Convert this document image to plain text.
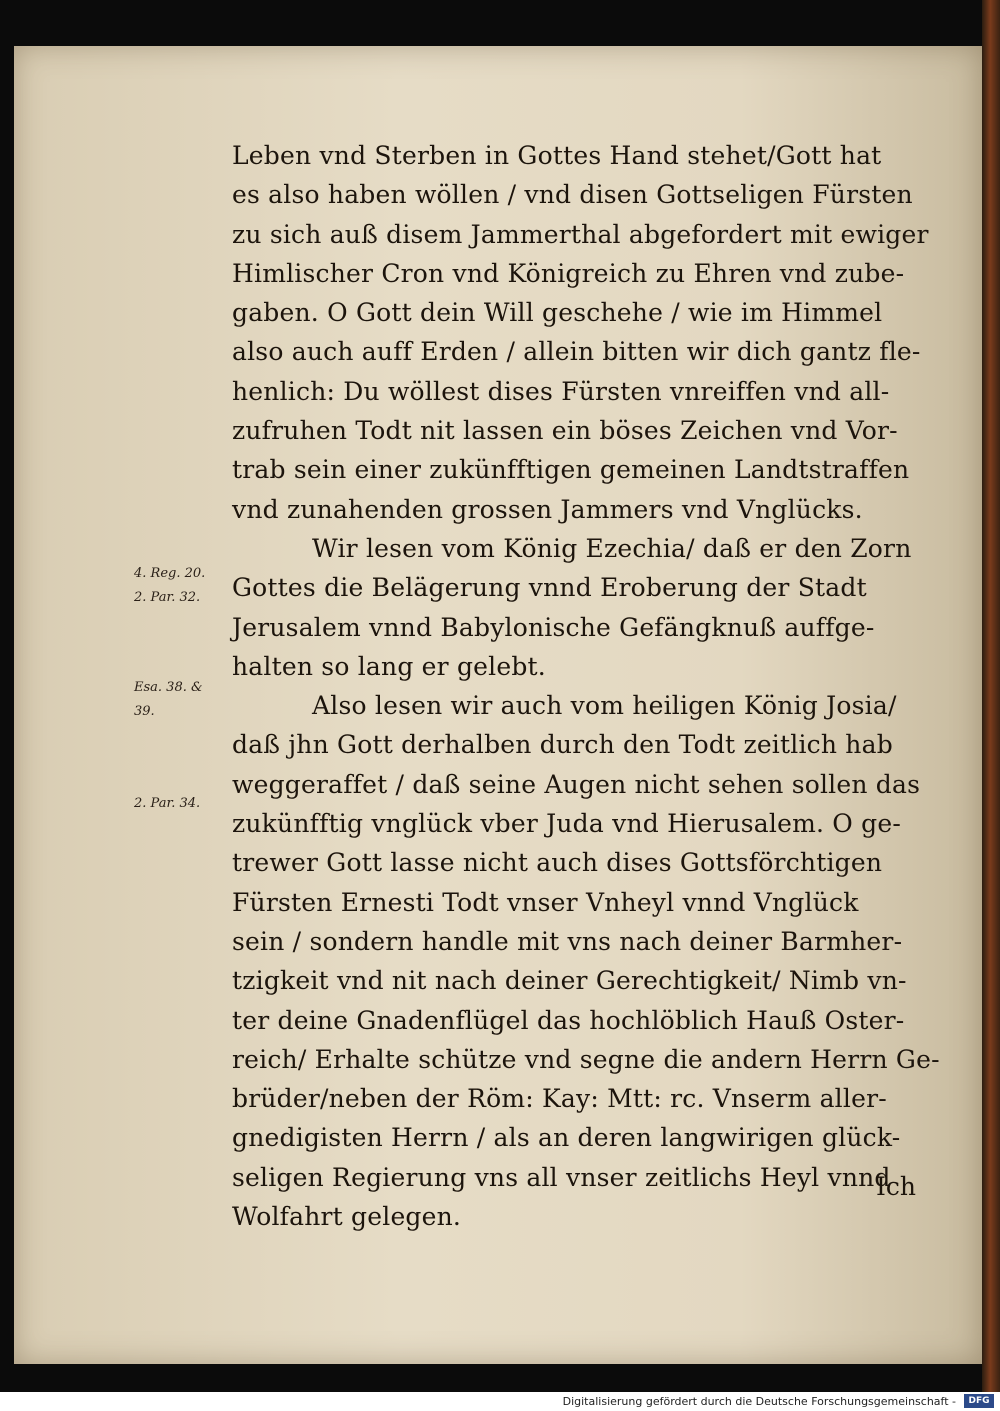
Leben vnd Sterben in Gottes Hand stehet/Gott hat
es also haben wöllen / vnd disen Gottseligen Fürsten
zu sich auß disem Jammerthal abgefordert mit ewiger
Himlischer Cron vnd Königreich zu Ehren vnd zube-
gaben. O Gott dein Will geschehe / wie im Himmel
also auch auff Erden / allein bitten wir dich gantz fle-
henlich: Du wöllest dises Fürsten vnreiffen vnd all-
zufruhen Todt nit lassen ein böses Zeichen vnd Vor-
trab sein einer zukünfftigen gemeinen Landtstraffen
vnd zunahenden grossen Jammers vnd Vnglücks.
Wir lesen vom König Ezechia/ daß er den Zorn
Gottes die Belägerung vnnd Eroberung der Stadt
Jerusalem vnnd Babylonische Gefängknuß auffge-
halten so lang er gelebt.
Also lesen wir auch vom heiligen König Josia/
daß jhn Gott derhalben durch den Todt zeitlich hab
weggeraffet / daß seine Augen nicht sehen sollen das
zukünfftig vnglück vber Juda vnd Hierusalem. O ge-
trewer Gott lasse nicht auch dises Gottsförchtigen
Fürsten Ernesti Todt vnser Vnheyl vnnd Vnglück
sein / sondern handle mit vns nach deiner Barmher-
tzigkeit vnd nit nach deiner Gerechtigkeit/ Nimb vn-
ter deine Gnadenflügel das hochlöblich Hauß Oster-
reich/ Erhalte schütze vnd segne die andern Herrn Ge-
brüder/neben der Röm: Kay: Mtt: rc. Vnserm aller-
gnedigisten Herrn / als an deren langwirigen glück-
seligen Regierung vns all vnser zeitlichs Heyl vnnd
Wolfahrt gelegen.
Ich
4. Reg. 20.
2. Par. 32.
Esa. 38. &
39.
2. Par. 34.
Digitalisierung gefördert durch die Deutsche Forschungsgemeinschaft -	DFG
